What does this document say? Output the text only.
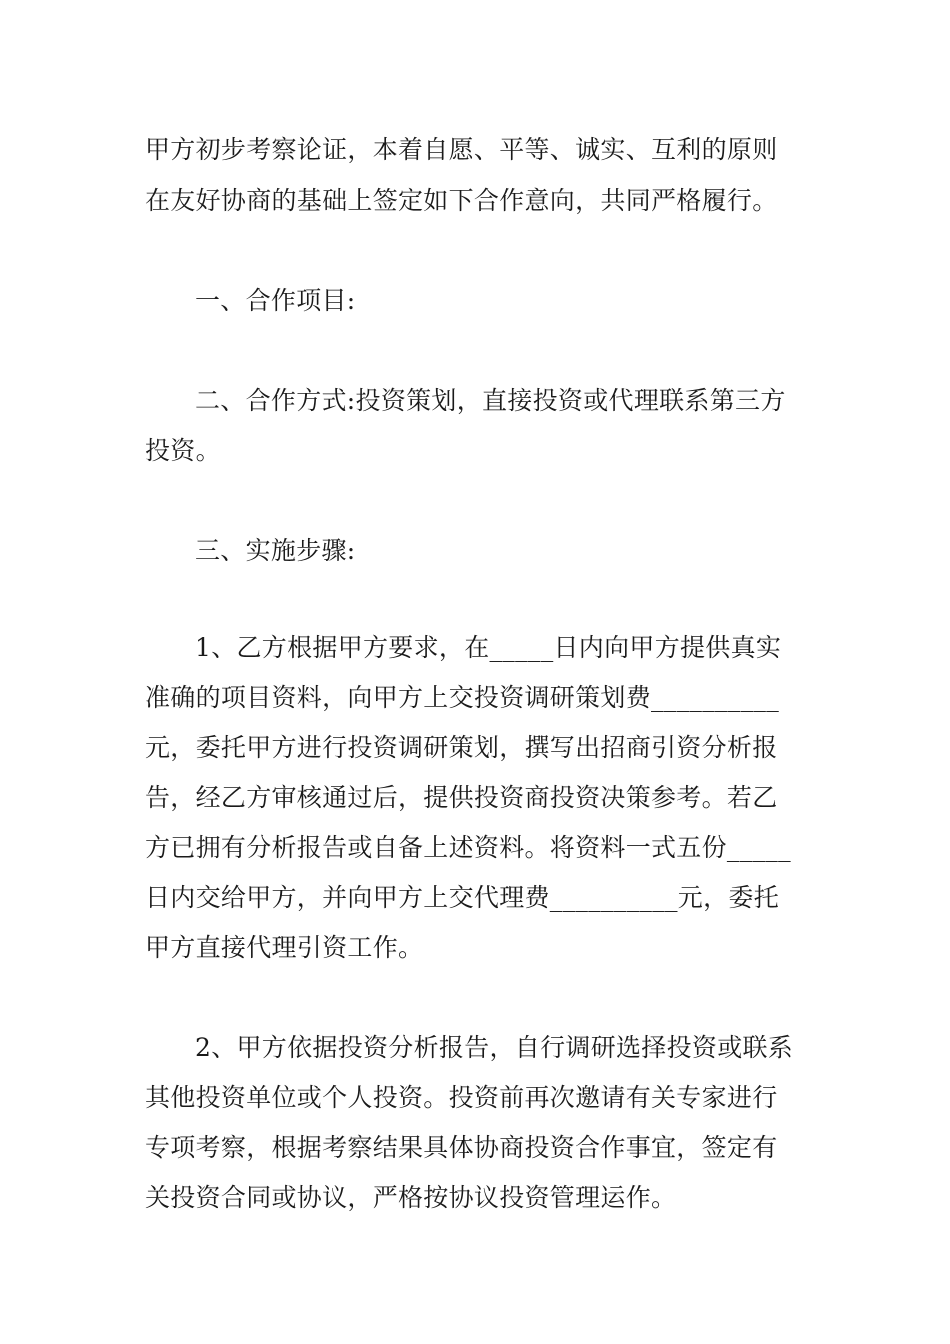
甲方初步考察论证，本着自愿、平等、诚实、互利的原则
在友好协商的基础上签定如下合作意向，共同严格履行。
一、合作项目:
二、合作方式:投资策划，直接投资或代理联系第三方
投资。
三、实施步骤:
1、乙方根据甲方要求，在_____日内向甲方提供真实
准确的项目资料，向甲方上交投资调研策划费__________
元，委托甲方进行投资调研策划，撰写出招商引资分析报
告，经乙方审核通过后，提供投资商投资决策参考。若乙
方已拥有分析报告或自备上述资料。将资料一式五份_____
日内交给甲方，并向甲方上交代理费__________元，委托
甲方直接代理引资工作。
2、甲方依据投资分析报告，自行调研选择投资或联系
其他投资单位或个人投资。投资前再次邀请有关专家进行
专项考察，根据考察结果具体协商投资合作事宜，签定有
关投资合同或协议，严格按协议投资管理运作。
